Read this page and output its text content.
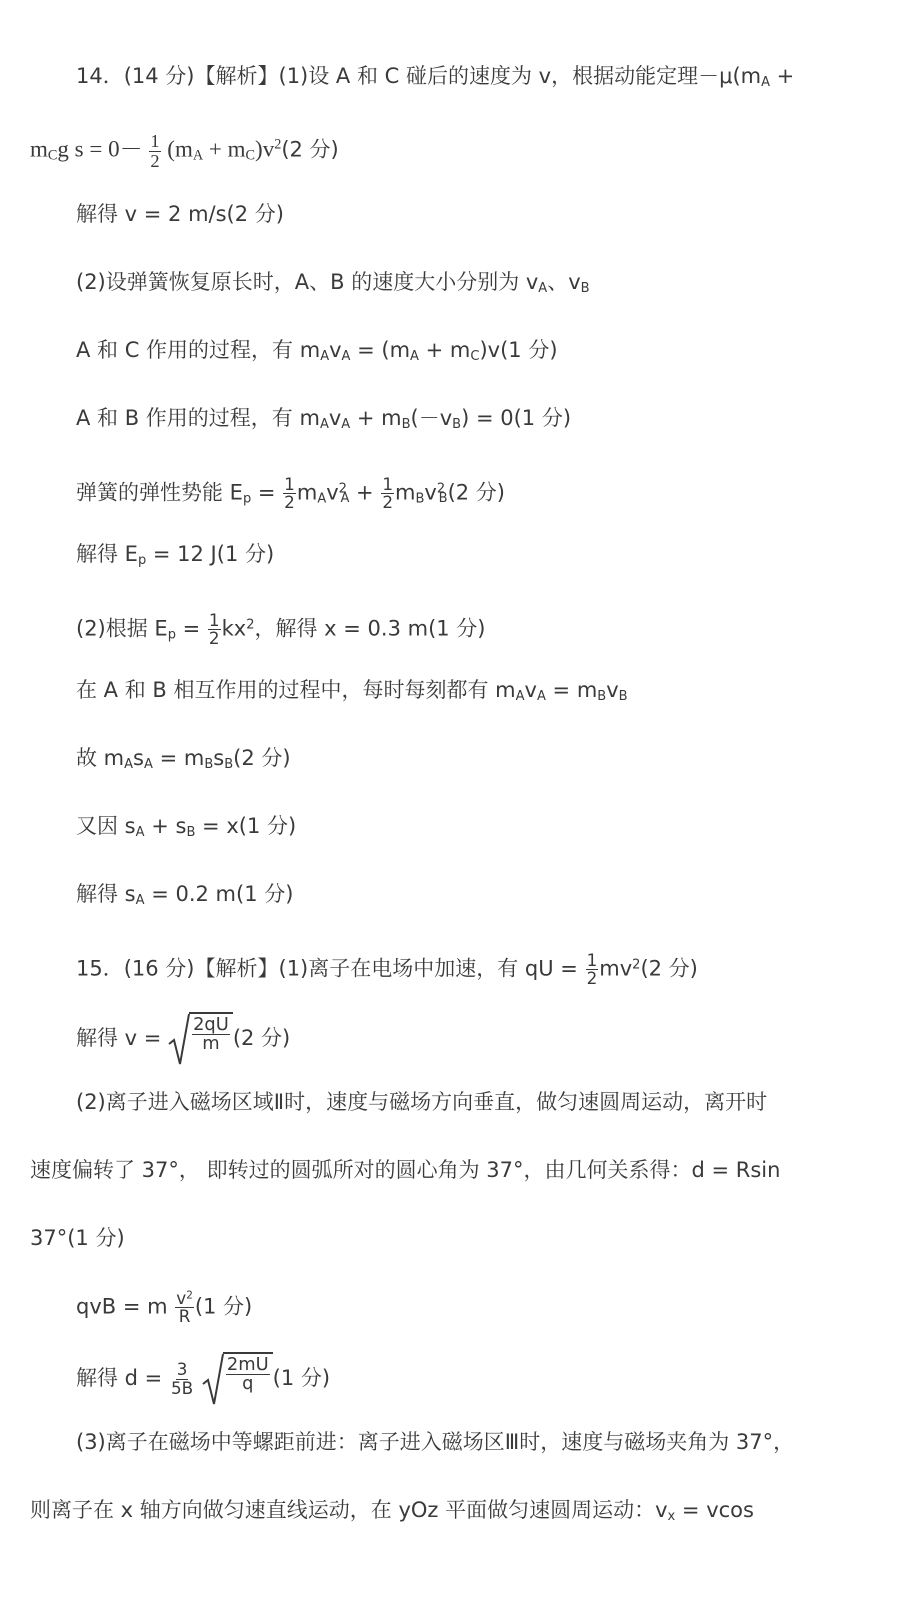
14．(14 分)【解析】(1)设 A 和 C 碰后的速度为 v，根据动能定理$-\mu(m_A$ +
$m_Cg$ $s = 0- \frac{1}{2} (m_A + m_C)v^2(2$ 分)
解得 v = 2 m/s(2 分)
(2)设弹簧恢复原长时，A、B 的速度大小分别为 $v_A$、$v_B$
A 和 C 作用的过程，有 $m_Av_A = (m_A + m_C)v(1$ 分)
A 和 B 作用的过程，有 $m_Av_A + m_B(-v_B) = 0(1$ 分)
弹簧的弹性势能 $E_p = \frac{1}{2} m_Av^2_A + \frac{1}{2} m_Bv^2_B(2$ 分)
解得 $E_p = 12$ J(1 分)
(2)根据 $E_p = \frac{1}{2} kx^2$，解得 x = 0.3 m(1 分)
在 A 和 B 相互作用的过程中，每时每刻都有 $m_Av_A = m_Bv_B$
故 $m_As_A = m_Bs_B(2$ 分)
又因 $s_A + s_B = x(1$ 分)
解得 $s_A = 0.2$ m(1 分)
15．(16 分)【解析】(1)离子在电场中加速，有 qU = $\frac{1}{2} mv^2(2$ 分)
解得 $v = \frac{2qU}{m} (2$ 分)
(2)离子进入磁场区域Ⅱ时，速度与磁场方向垂直，做匀速圆周运动，离开时
速度偏转了 37°， 即转过的圆弧所对的圆心角为 37°，由几何关系得：d = Rsin
37°(1 分)
qvB = m $\frac{v^2}{R} (1$ 分)
解得 $d = \frac{3}{5B}$
$\frac{2mU}{q} (1$ 分)
(3)离子在磁场中等螺距前进：离子进入磁场区Ⅲ时，速度与磁场夹角为 37°，
则离子在 x 轴方向做匀速直线运动，在 yOz 平面做匀速圆周运动：$v_x = vcos$
